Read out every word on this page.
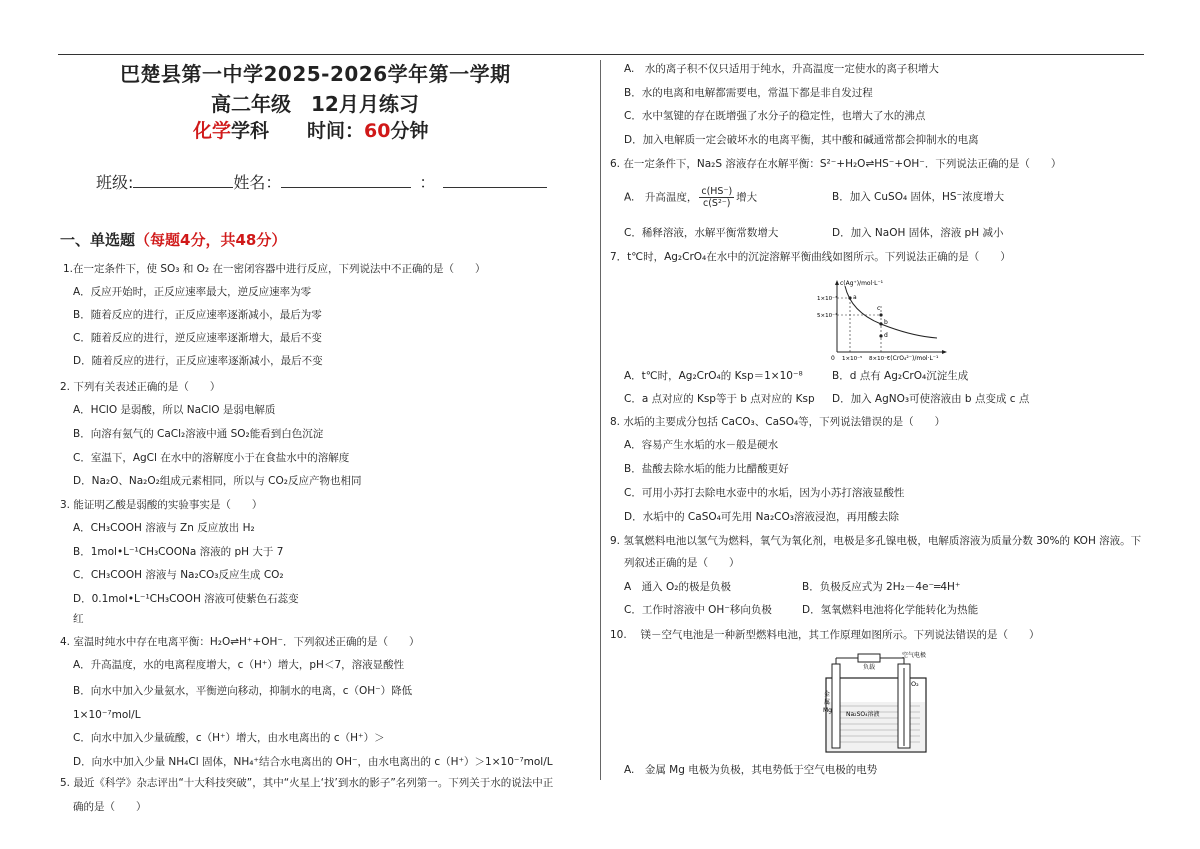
巴楚县第一中学2025-2026学年第一学期
高二年级　12月月练习
化学学科　　时间：60分钟
班级:	姓名：	：
一、单选题（每题4分，共48分）
1.在一定条件下，使 SO₃ 和 O₂ 在一密闭容器中进行反应，下列说法中不正确的是（　　）
A．反应开始时，正反应速率最大，逆反应速率为零
B．随着反应的进行，正反应速率逐渐减小，最后为零
C．随着反应的进行，逆反应速率逐渐增大，最后不变
D．随着反应的进行，正反应速率逐渐减小，最后不变
2. 下列有关表述正确的是（　　）
A．HClO 是弱酸，所以 NaClO 是弱电解质
B．向溶有氨气的 CaCl₂溶液中通 SO₂能看到白色沉淀
C．室温下，AgCl 在水中的溶解度小于在食盐水中的溶解度
D．Na₂O、Na₂O₂组成元素相同，所以与 CO₂反应产物也相同
3. 能证明乙酸是弱酸的实验事实是（　　）
A．CH₃COOH 溶液与 Zn 反应放出 H₂
B．1mol•L⁻¹CH₃COONa 溶液的 pH 大于 7
C．CH₃COOH 溶液与 Na₂CO₃反应生成 CO₂
D．0.1mol•L⁻¹CH₃COOH 溶液可使紫色石蕊变
红
4. 室温时纯水中存在电离平衡：H₂O⇌H⁺+OH⁻．下列叙述正确的是（　　）
A．升高温度，水的电离程度增大，c（H⁺）增大，pH＜7，溶液显酸性
B．向水中加入少量氨水，平衡逆向移动，抑制水的电离，c（OH⁻）降低
C．向水中加入少量硫酸，c（H⁺）增大，由水电离出的 c（H⁺）＞
1×10⁻⁷mol/L
D．向水中加入少量 NH₄Cl 固体，NH₄⁺结合水电离出的 OH⁻，由水电离出的 c（H⁺）＞1×10⁻⁷mol/L
5. 最近《科学》杂志评出“十大科技突破”，其中“火星上‘找’到水的影子”名列第一。下列关于水的说法中正
确的是（　　）
A.　水的离子积不仅只适用于纯水，升高温度一定使水的离子积增大
B．水的电离和电解都需要电，常温下都是非自发过程
C．水中氢键的存在既增强了水分子的稳定性，也增大了水的沸点
D．加入电解质一定会破坏水的电离平衡，其中酸和碱通常都会抑制水的电离
6. 在一定条件下，Na₂S 溶液存在水解平衡：S²⁻+H₂O⇌HS⁻+OH⁻．下列说法正确的是（　　）
7．t℃时，Ag₂CrO₄在水中的沉淀溶解平衡曲线如图所示。下列说法正确的是（　　）
8. 水垢的主要成分包括 CaCO₃、CaSO₄等，下列说法错误的是（　　）
A．容易产生水垢的水－般是硬水
B．盐酸去除水垢的能力比醋酸更好
C．可用小苏打去除电水壶中的水垢，因为小苏打溶液显酸性
D．水垢中的 CaSO₄可先用 Na₂CO₃溶液浸泡，再用酸去除
9. 氢氧燃料电池以氢气为燃料，氧气为氧化剂，电极是多孔镍电极，电解质溶液为质量分数 30%的 KOH 溶液。下
列叙述正确的是（　　）
10. 　镁－空气电池是一种新型燃料电池，其工作原理如图所示。下列说法错误的是（　　）
A.　金属 Mg 电极为负极，其电势低于空气电极的电势
A.　升高温度， $\frac{c(HS^-)}{\text{c(S²⁻)}}$ 增大	B．加入 CuSO₄ 固体，HS⁻浓度增大
C．稀释溶液，水解平衡常数增大	D．加入 NaOH 固体，溶液 pH 减小
c(Ag⁺)/mol·L⁻¹
c(CrO₄²⁻)/mol·L⁻¹
1×10⁻³
5×10⁻⁴
0 1×10⁻⁵ 8×10⁻⁵
a
b
c
d
A．t℃时，Ag₂CrO₄的 Ksp＝1×10⁻⁸	B．d 点有 Ag₂CrO₄沉淀生成
C．a 点对应的 Ksp等于 b 点对应的 Ksp D．加入 AgNO₃可使溶液由 b 点变成 c 点
A　通入 O₂的极是负极	B．负极反应式为 2H₂－4e⁻═4H⁺
C．工作时溶液中 OH⁻移向负极	D．氢氧燃料电池将化学能转化为热能
负载
空气电极
O₂
金
属
Mg
Na₂SO₄溶液
